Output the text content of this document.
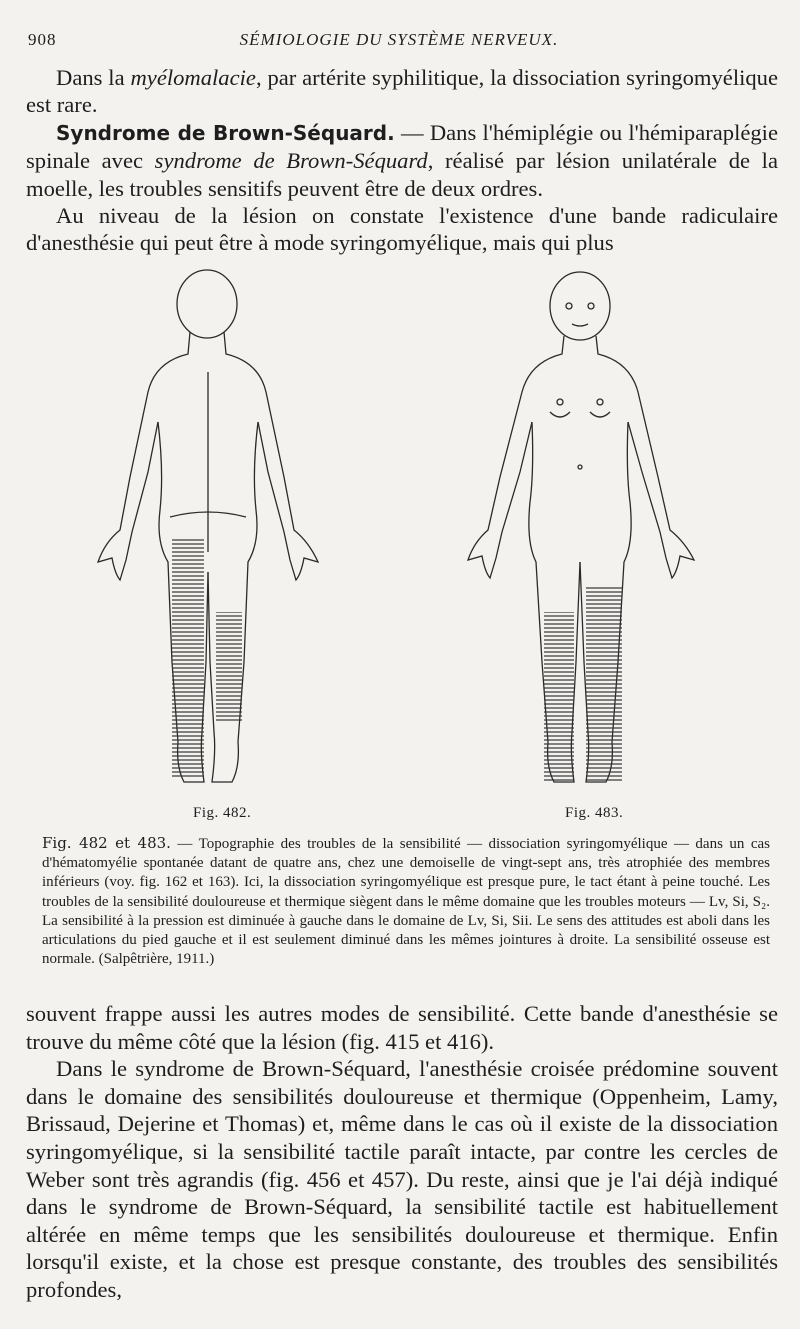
908	SÉMIOLOGIE DU SYSTÈME NERVEUX.

Dans la myélomalacie, par artérite syphilitique, la dissociation syringomyélique est rare.

Syndrome de Brown-Séquard. — Dans l'hémiplégie ou l'hémiparaplégie spinale avec syndrome de Brown-Séquard, réalisé par lésion unilatérale de la moelle, les troubles sensitifs peuvent être de deux ordres.

Au niveau de la lésion on constate l'existence d'une bande radiculaire d'anesthésie qui peut être à mode syringomyélique, mais qui plus

Fig. 482.	Fig. 483.
Fig. 482 et 483. — Topographie des troubles de la sensibilité — dissociation syringomyélique — dans un cas d'hématomyélie spontanée datant de quatre ans, chez une demoiselle de vingt-sept ans, très atrophiée des membres inférieurs (voy. fig. 162 et 163). Ici, la dissociation syringomyélique est presque pure, le tact étant à peine touché. Les troubles de la sensibilité douloureuse et thermique siègent dans le même domaine que les troubles moteurs — Lv, Si, S₂. La sensibilité à la pression est diminuée à gauche dans le domaine de Lv, Si, Sii. Le sens des attitudes est aboli dans les articulations du pied gauche et il est seulement diminué dans les mêmes jointures à droite. La sensibilité osseuse est normale. (Salpêtrière, 1911.)

souvent frappe aussi les autres modes de sensibilité. Cette bande d'anesthésie se trouve du même côté que la lésion (fig. 415 et 416).

Dans le syndrome de Brown-Séquard, l'anesthésie croisée prédomine souvent dans le domaine des sensibilités douloureuse et thermique (Oppenheim, Lamy, Brissaud, Dejerine et Thomas) et, même dans le cas où il existe de la dissociation syringomyélique, si la sensibilité tactile paraît intacte, par contre les cercles de Weber sont très agrandis (fig. 456 et 457). Du reste, ainsi que je l'ai déjà indiqué dans le syndrome de Brown-Séquard, la sensibilité tactile est habituellement altérée en même temps que les sensibilités douloureuse et thermique. Enfin lorsqu'il existe, et la chose est presque constante, des troubles des sensibilités profondes,
